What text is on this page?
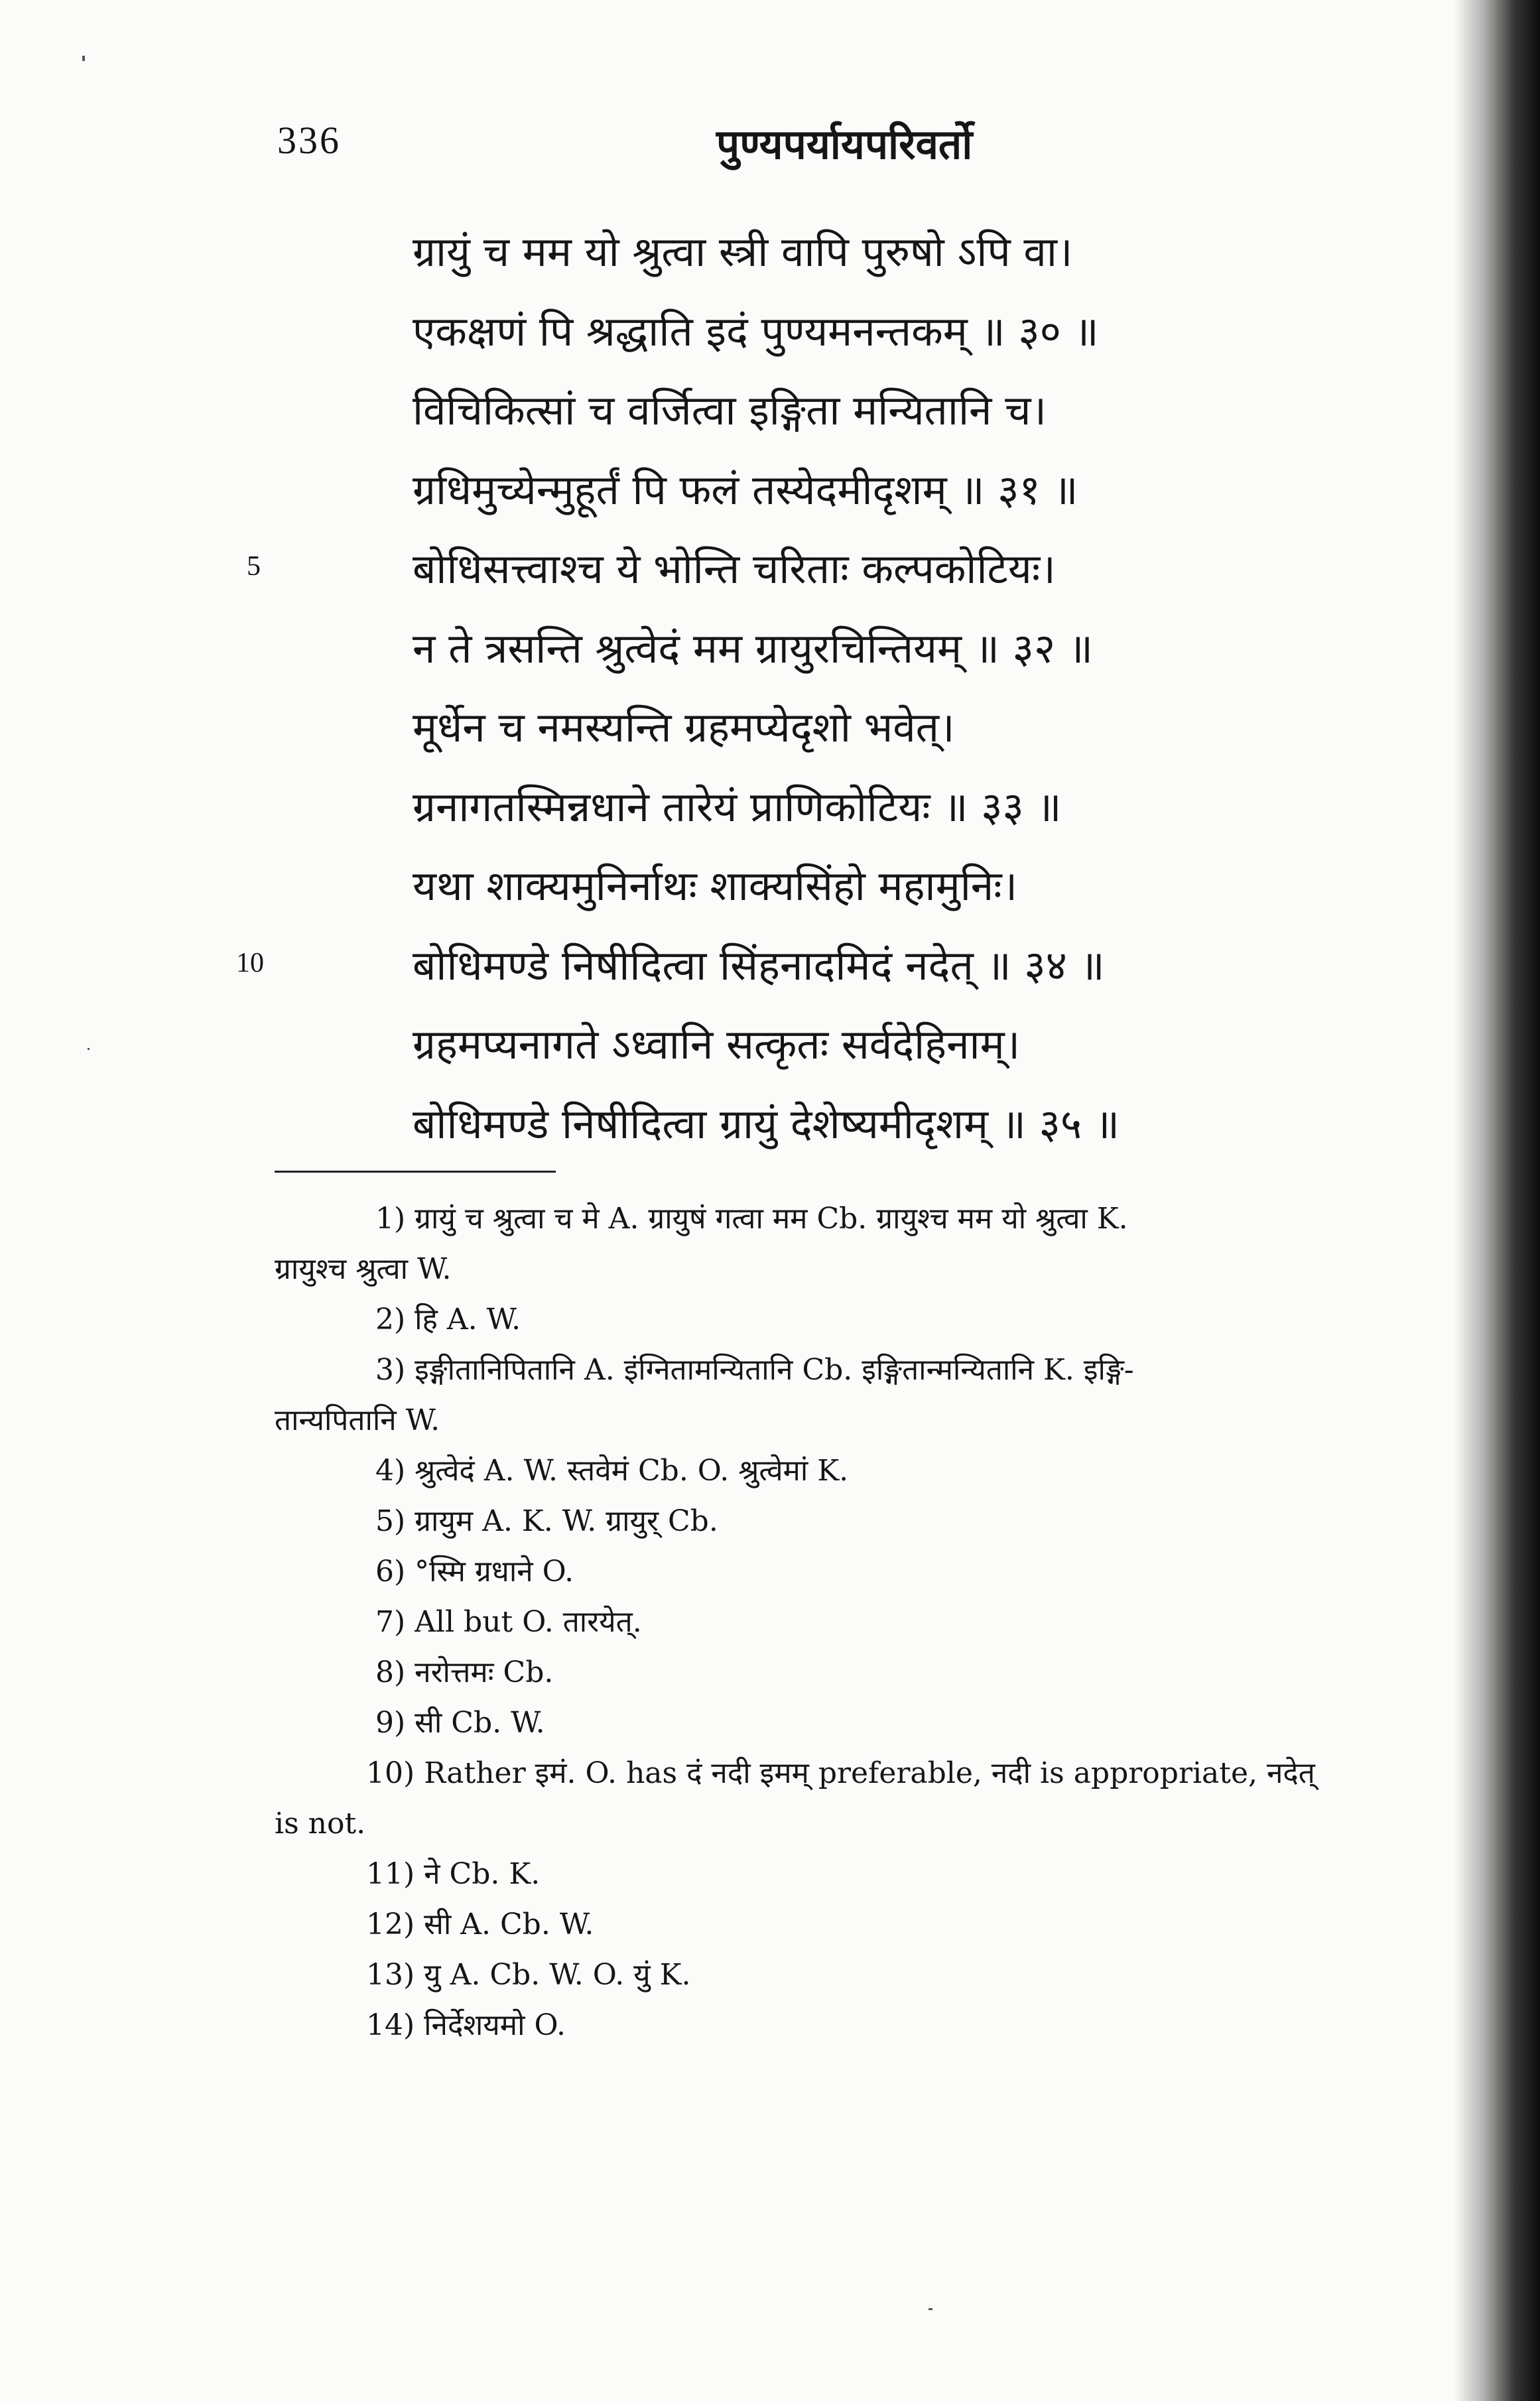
336	पुण्यपर्यायपरिवर्तो
5
10
ग्रायुं च मम यो श्रुत्वा स्त्री वापि पुरुषो ऽपि वा।
एकक्षणं पि श्रद्धाति इदं पुण्यमनन्तकम् ॥ ३० ॥
विचिकित्सां च वर्जित्वा इङ्गिता मन्यितानि च।
ग्रधिमुच्येन्मुहूर्तं पि फलं तस्येदमीदृशम् ॥ ३१ ॥
बोधिसत्त्वाश्च ये भोन्ति चरिताः कल्पकोटियः।
न ते त्रसन्ति श्रुत्वेदं मम ग्रायुरचिन्तियम् ॥ ३२ ॥
मूर्धेन च नमस्यन्ति ग्रहमप्येदृशो भवेत्।
ग्रनागतस्मिन्नधाने तारेयं प्राणिकोटियः ॥ ३३ ॥
यथा शाक्यमुनिर्नाथः शाक्यसिंहो महामुनिः।
बोधिमण्डे निषीदित्वा सिंहनादमिदं नदेत् ॥ ३४ ॥
ग्रहमप्यनागते ऽध्वानि सत्कृतः सर्वदेहिनाम्।
बोधिमण्डे निषीदित्वा ग्रायुं देशेष्यमीदृशम् ॥ ३५ ॥
1) ग्रायुं च श्रुत्वा च मे A. ग्रायुषं गत्वा मम Cb. ग्रायुश्च मम यो श्रुत्वा K.
ग्रायुश्च श्रुत्वा W.
2) हि A. W.
3) इङ्गीतानिपितानि A. इंग्नितामन्यितानि Cb. इङ्गितान्मन्यितानि K. इङ्गि-
तान्यपितानि W.
4) श्रुत्वेदं A. W. स्तवेमं Cb. O. श्रुत्वेमां K.
5) ग्रायुम A. K. W. ग्रायुर् Cb.
6) °स्मि ग्रधाने O.
7) All but O. तारयेत्.
8) नरोत्तमः Cb.
9) सी Cb. W.
10) Rather इमं. O. has दं नदी इमम् preferable, नदी is appropriate, नदेत्
is not.
11) ने Cb. K.
12) सी A. Cb. W.
13) यु A. Cb. W. O. युं K.
14) निर्देशयमो O.
